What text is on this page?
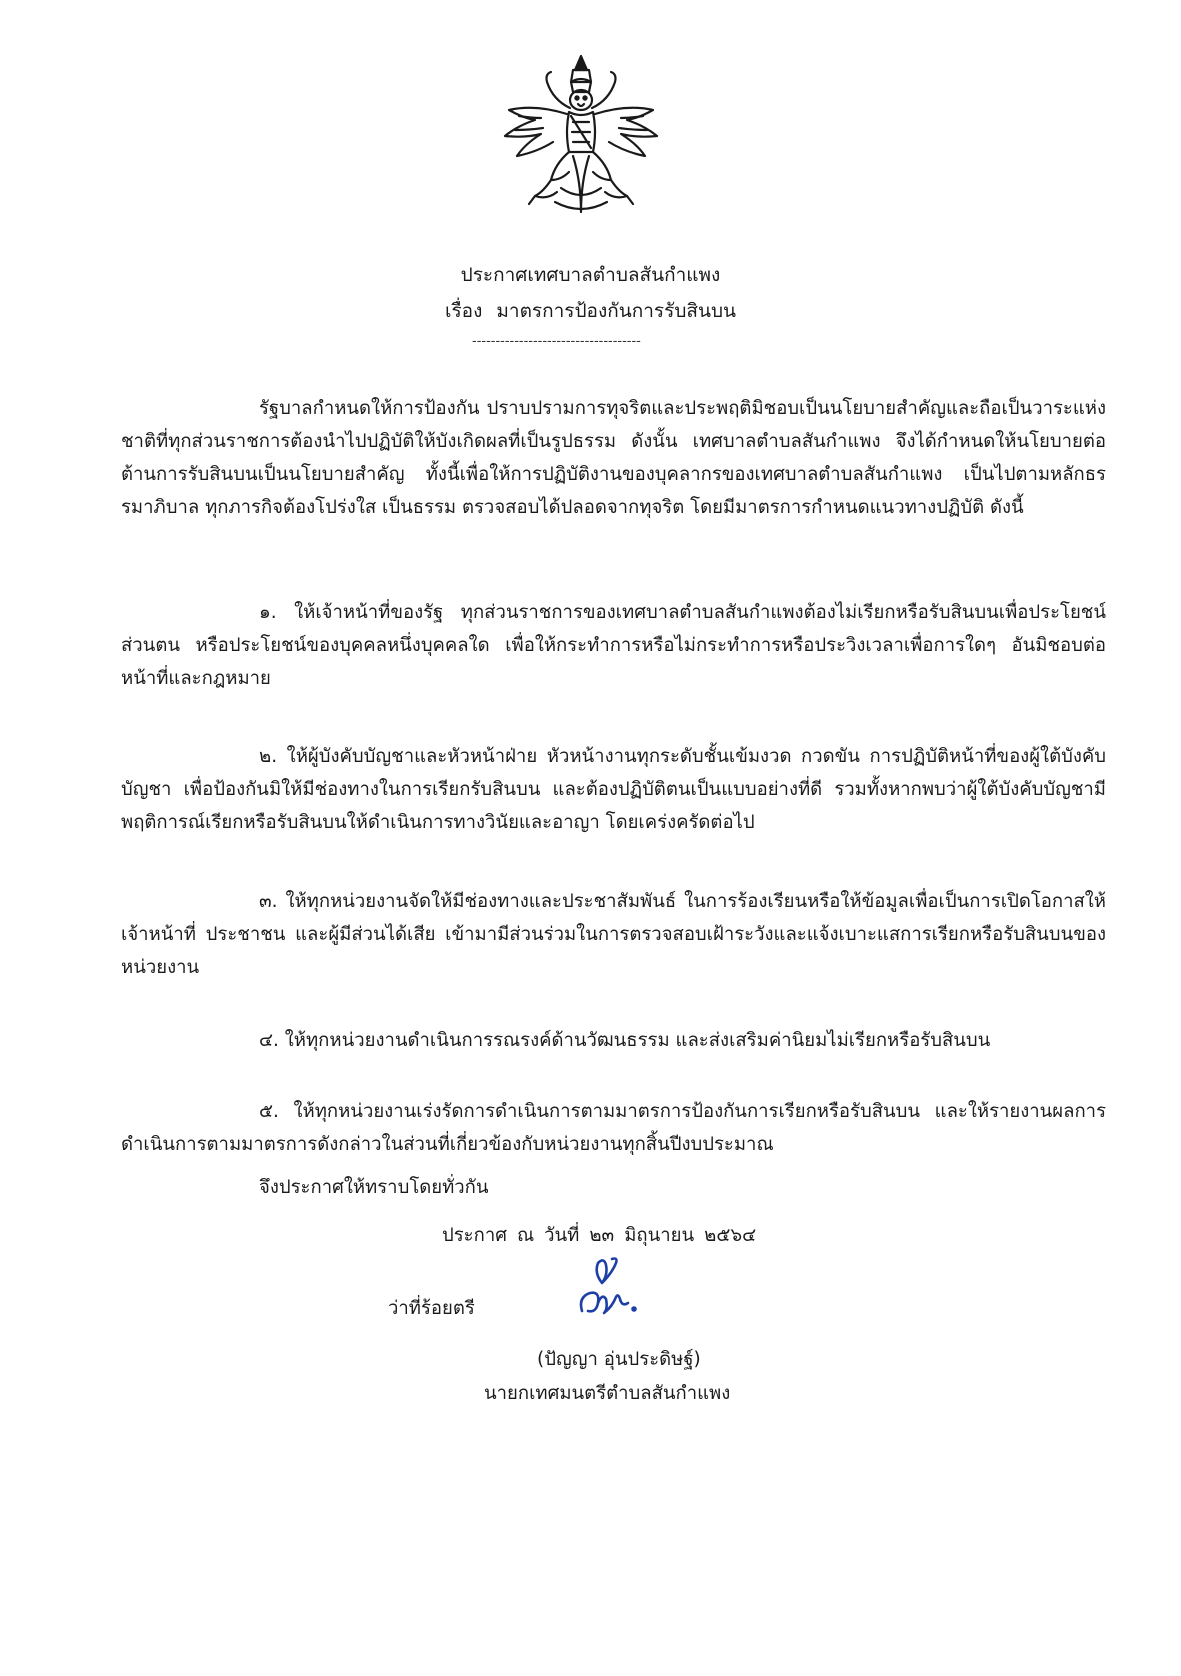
ประกาศเทศบาลตำบลสันกำแพง
เรื่อง มาตรการป้องกันการรับสินบน
------------------------------------

รัฐบาลกำหนดให้การป้องกัน ปราบปรามการทุจริตและประพฤติมิชอบเป็นนโยบายสำคัญและถือเป็นวาระแห่งชาติที่ทุกส่วนราชการต้องนำไปปฏิบัติให้บังเกิดผลที่เป็นรูปธรรม ดังนั้น เทศบาลตำบลสันกำแพง จึงได้กำหนดให้นโยบายต่อต้านการรับสินบนเป็นนโยบายสำคัญ ทั้งนี้เพื่อให้การปฏิบัติงานของบุคลากรของเทศบาลตำบลสันกำแพง เป็นไปตามหลักธรรมาภิบาล ทุกภารกิจต้องโปร่งใส เป็นธรรม ตรวจสอบได้ปลอดจากทุจริต โดยมีมาตรการกำหนดแนวทางปฏิบัติ ดังนี้

๑. ให้เจ้าหน้าที่ของรัฐ ทุกส่วนราชการของเทศบาลตำบลสันกำแพงต้องไม่เรียกหรือรับสินบนเพื่อประโยชน์ส่วนตน หรือประโยชน์ของบุคคลหนึ่งบุคคลใด เพื่อให้กระทำการหรือไม่กระทำการหรือประวิงเวลาเพื่อการใดๆ อันมิชอบต่อหน้าที่และกฎหมาย

๒. ให้ผู้บังคับบัญชาและหัวหน้าฝ่าย หัวหน้างานทุกระดับชั้นเข้มงวด กวดขัน การปฏิบัติหน้าที่ของผู้ใต้บังคับบัญชา เพื่อป้องกันมิให้มีช่องทางในการเรียกรับสินบน และต้องปฏิบัติตนเป็นแบบอย่างที่ดี รวมทั้งหากพบว่าผู้ใต้บังคับบัญชามีพฤติการณ์เรียกหรือรับสินบนให้ดำเนินการทางวินัยและอาญา โดยเคร่งครัดต่อไป

๓. ให้ทุกหน่วยงานจัดให้มีช่องทางและประชาสัมพันธ์ ในการร้องเรียนหรือให้ข้อมูลเพื่อเป็นการเปิดโอกาสให้เจ้าหน้าที่ ประชาชน และผู้มีส่วนได้เสีย เข้ามามีส่วนร่วมในการตรวจสอบเฝ้าระวังและแจ้งเบาะแสการเรียกหรือรับสินบนของหน่วยงาน

๔. ให้ทุกหน่วยงานดำเนินการรณรงค์ด้านวัฒนธรรม และส่งเสริมค่านิยมไม่เรียกหรือรับสินบน

๕. ให้ทุกหน่วยงานเร่งรัดการดำเนินการตามมาตรการป้องกันการเรียกหรือรับสินบน และให้รายงานผลการดำเนินการตามมาตรการดังกล่าวในส่วนที่เกี่ยวข้องกับหน่วยงานทุกสิ้นปีงบประมาณ

จึงประกาศให้ทราบโดยทั่วกัน
ประกาศ ณ วันที่ ๒๓ มิถุนายน ๒๕๖๔
ว่าที่ร้อยตรี
(ปัญญา อุ่นประดิษฐ์)
นายกเทศมนตรีตำบลสันกำแพง
